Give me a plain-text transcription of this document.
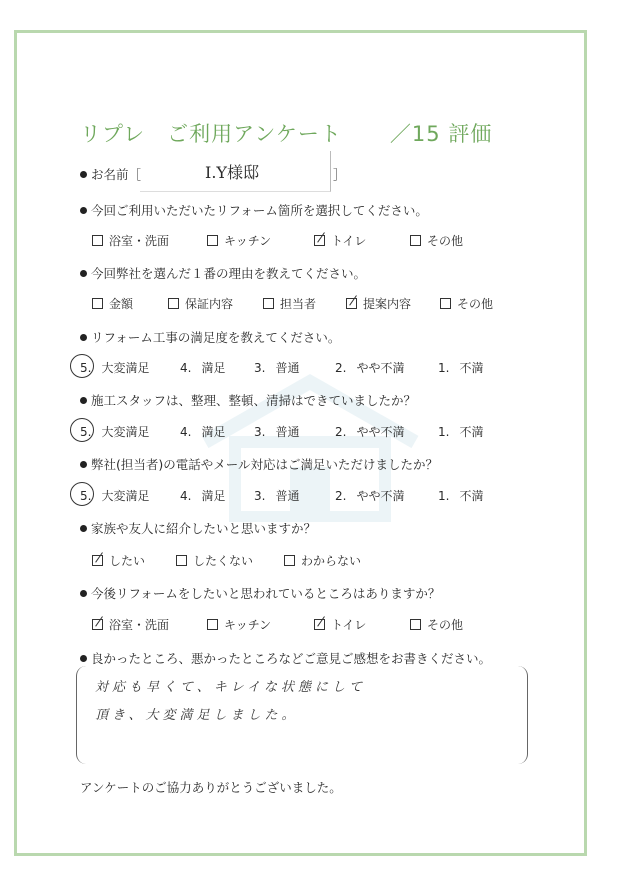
リプレ ご利用アンケート ／15 評価
お名前［	］
I.Y様邸
今回ご利用いただいたリフォーム箇所を選択してください。
浴室・洗面	キッチン	トイレ	その他
今回弊社を選んだ１番の理由を教えてください。
金額	保証内容	担当者	提案内容	その他
リフォーム工事の満足度を教えてください。
5. 大変満足	4. 満足 3. 普通	2. やや不満	1. 不満
施工スタッフは、整理、整頓、清掃はできていましたか？
5. 大変満足	4. 満足 3. 普通	2. やや不満	1. 不満
弊社(担当者)の電話やメール対応はご満足いただけましたか？
5. 大変満足	4. 満足 3. 普通	2. やや不満	1. 不満
家族や友人に紹介したいと思いますか？
したい	したくない	わからない
今後リフォームをしたいと思われているところはありますか？
浴室・洗面	キッチン	トイレ	その他
良かったところ、悪かったところなどご意見ご感想をお書きください。
対応も早くて、キレイな状態にして
頂き、大変満足しました。
アンケートのご協力ありがとうございました。
